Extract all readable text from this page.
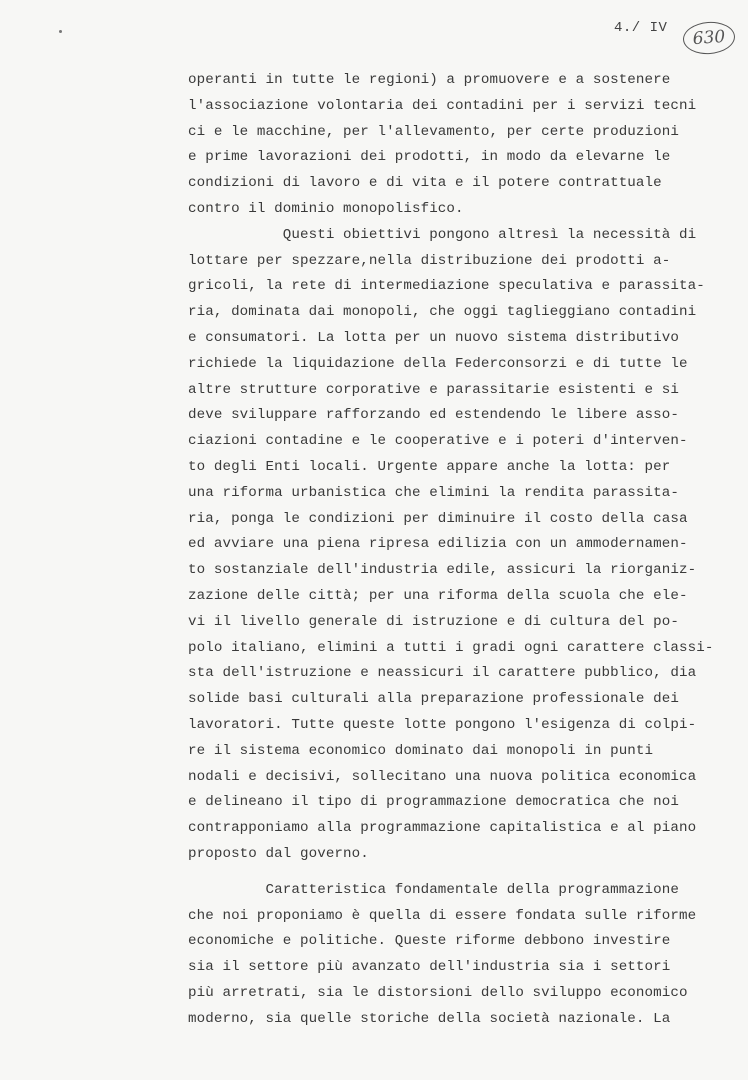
4./ IV 630
operanti in tutte le regioni) a promuovere e a sostenere
l'associazione volontaria dei contadini per i servizi tecni
ci e le macchine, per l'allevamento, per certe produzioni
e prime lavorazioni dei prodotti, in modo da elevarne le
condizioni di lavoro e di vita e il potere contrattuale
contro il dominio monopolisfico.
Questi obiettivi pongono altresì la necessità di
lottare per spezzare,nella distribuzione dei prodotti a-
gricoli, la rete di intermediazione speculativa e parassita-
ria, dominata dai monopoli, che oggi taglieggiano contadini
e consumatori. La lotta per un nuovo sistema distributivo
richiede la liquidazione della Federconsorzi e di tutte le
altre strutture corporative e parassitarie esistenti e si
deve sviluppare rafforzando ed estendendo le libere asso-
ciazioni contadine e le cooperative e i poteri d'interven-
to degli Enti locali. Urgente appare anche la lotta: per
una riforma urbanistica che elimini la rendita parassita-
ria, ponga le condizioni per diminuire il costo della casa
ed avviare una piena ripresa edilizia con un ammodernamen-
to sostanziale dell'industria edile, assicuri la riorganiz-
zazione delle città; per una riforma della scuola che ele-
vi il livello generale di istruzione e di cultura del po-
polo italiano, elimini a tutti i gradi ogni carattere classi-
sta dell'istruzione e neassicuri il carattere pubblico, dia
solide basi culturali alla preparazione professionale dei
lavoratori. Tutte queste lotte pongono l'esigenza di colpi-
re il sistema economico dominato dai monopoli in punti
nodali e decisivi, sollecitano una nuova politica economica
e delineano il tipo di programmazione democratica che noi
contrapponiamo alla programmazione capitalistica e al piano
proposto dal governo.
Caratteristica fondamentale della programmazione
che noi proponiamo è quella di essere fondata sulle riforme
economiche e politiche. Queste riforme debbono investire
sia il settore più avanzato dell'industria sia i settori
più arretrati, sia le distorsioni dello sviluppo economico
moderno, sia quelle storiche della società nazionale. La
